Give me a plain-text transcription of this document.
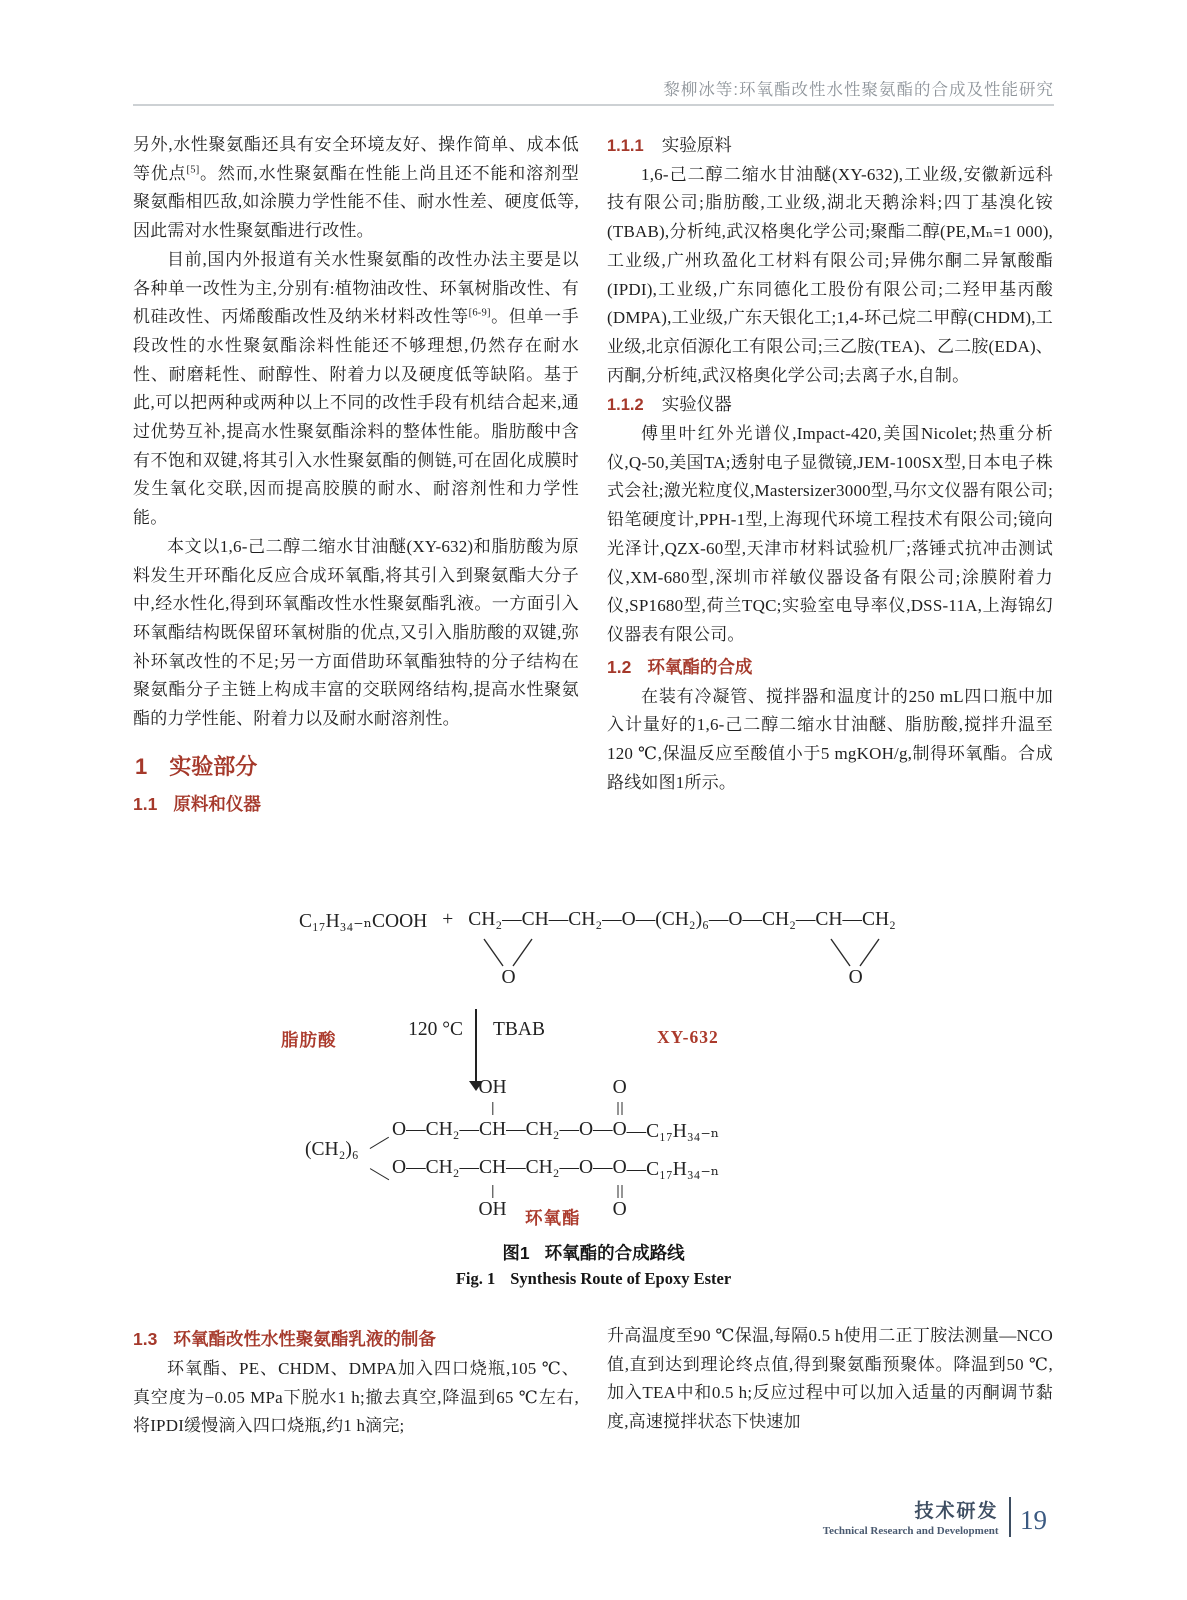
黎柳冰等:环氧酯改性水性聚氨酯的合成及性能研究

另外,水性聚氨酯还具有安全环境友好、操作简单、成本低等优点[5]。然而,水性聚氨酯在性能上尚且还不能和溶剂型聚氨酯相匹敌,如涂膜力学性能不佳、耐水性差、硬度低等,因此需对水性聚氨酯进行改性。

目前,国内外报道有关水性聚氨酯的改性办法主要是以各种单一改性为主,分别有:植物油改性、环氧树脂改性、有机硅改性、丙烯酸酯改性及纳米材料改性等[6-9]。但单一手段改性的水性聚氨酯涂料性能还不够理想,仍然存在耐水性、耐磨耗性、耐醇性、附着力以及硬度低等缺陷。基于此,可以把两种或两种以上不同的改性手段有机结合起来,通过优势互补,提高水性聚氨酯涂料的整体性能。脂肪酸中含有不饱和双键,将其引入水性聚氨酯的侧链,可在固化成膜时发生氧化交联,因而提高胶膜的耐水、耐溶剂性和力学性能。

本文以1,6-己二醇二缩水甘油醚(XY-632)和脂肪酸为原料发生开环酯化反应合成环氧酯,将其引入到聚氨酯大分子中,经水性化,得到环氧酯改性水性聚氨酯乳液。一方面引入环氧酯结构既保留环氧树脂的优点,又引入脂肪酸的双键,弥补环氧改性的不足;另一方面借助环氧酯独特的分子结构在聚氨酯分子主链上构成丰富的交联网络结构,提高水性聚氨酯的力学性能、附着力以及耐水耐溶剂性。

1 实验部分
1.1 原料和仪器
1.1.1 实验原料

1,6-己二醇二缩水甘油醚(XY-632),工业级,安徽新远科技有限公司;脂肪酸,工业级,湖北天鹅涂料;四丁基溴化铵(TBAB),分析纯,武汉格奥化学公司;聚酯二醇(PE,Mₙ=1 000),工业级,广州玖盈化工材料有限公司;异佛尔酮二异氰酸酯(IPDI),工业级,广东同德化工股份有限公司;二羟甲基丙酸(DMPA),工业级,广东天银化工;1,4-环己烷二甲醇(CHDM),工业级,北京佰源化工有限公司;三乙胺(TEA)、乙二胺(EDA)、丙酮,分析纯,武汉格奥化学公司;去离子水,自制。

1.1.2 实验仪器

傅里叶红外光谱仪,Impact-420,美国Nicolet;热重分析仪,Q-50,美国TA;透射电子显微镜,JEM-100SX型,日本电子株式会社;激光粒度仪,Mastersizer3000型,马尔文仪器有限公司;铅笔硬度计,PPH-1型,上海现代环境工程技术有限公司;镜向光泽计,QZX-60型,天津市材料试验机厂;落锤式抗冲击测试仪,XM-680型,深圳市祥敏仪器设备有限公司;涂膜附着力仪,SP1680型,荷兰TQC;实验室电导率仪,DSS-11A,上海锦幻仪器表有限公司。

1.2 环氧酯的合成

在装有冷凝管、搅拌器和温度计的250 mL四口瓶中加入计量好的1,6-己二醇二缩水甘油醚、脂肪酸,搅拌升温至120 ℃,保温反应至酸值小于5 mgKOH/g,制得环氧酯。合成路线如图1所示。

C₁₇H₃₄₋ₙCOOH + CH₂—CH
O
—CH₂—O—(CH₂)₆—O—CH₂— CH—CH₂
O
脂肪酸	XY-632
120 °C TBAB
(CH₂)₆
O—CH₂— CH
OH
—CH₂—O— O
O
—C₁₇H₃₄₋ₙ
O—CH₂— CH
OH
—CH₂—O— O
O
—C₁₇H₃₄₋ₙ
环氧酯
图1 环氧酯的合成路线
Fig. 1 Synthesis Route of Epoxy Ester
1.3 环氧酯改性水性聚氨酯乳液的制备

环氧酯、PE、CHDM、DMPA加入四口烧瓶,105 ℃、真空度为−0.05 MPa下脱水1 h;撤去真空,降温到65 ℃左右,将IPDI缓慢滴入四口烧瓶,约1 h滴完;

升高温度至90 ℃保温,每隔0.5 h使用二正丁胺法测量—NCO值,直到达到理论终点值,得到聚氨酯预聚体。降温到50 ℃,加入TEA中和0.5 h;反应过程中可以加入适量的丙酮调节黏度,高速搅拌状态下快速加

技术研发
Technical Research and Development 19
